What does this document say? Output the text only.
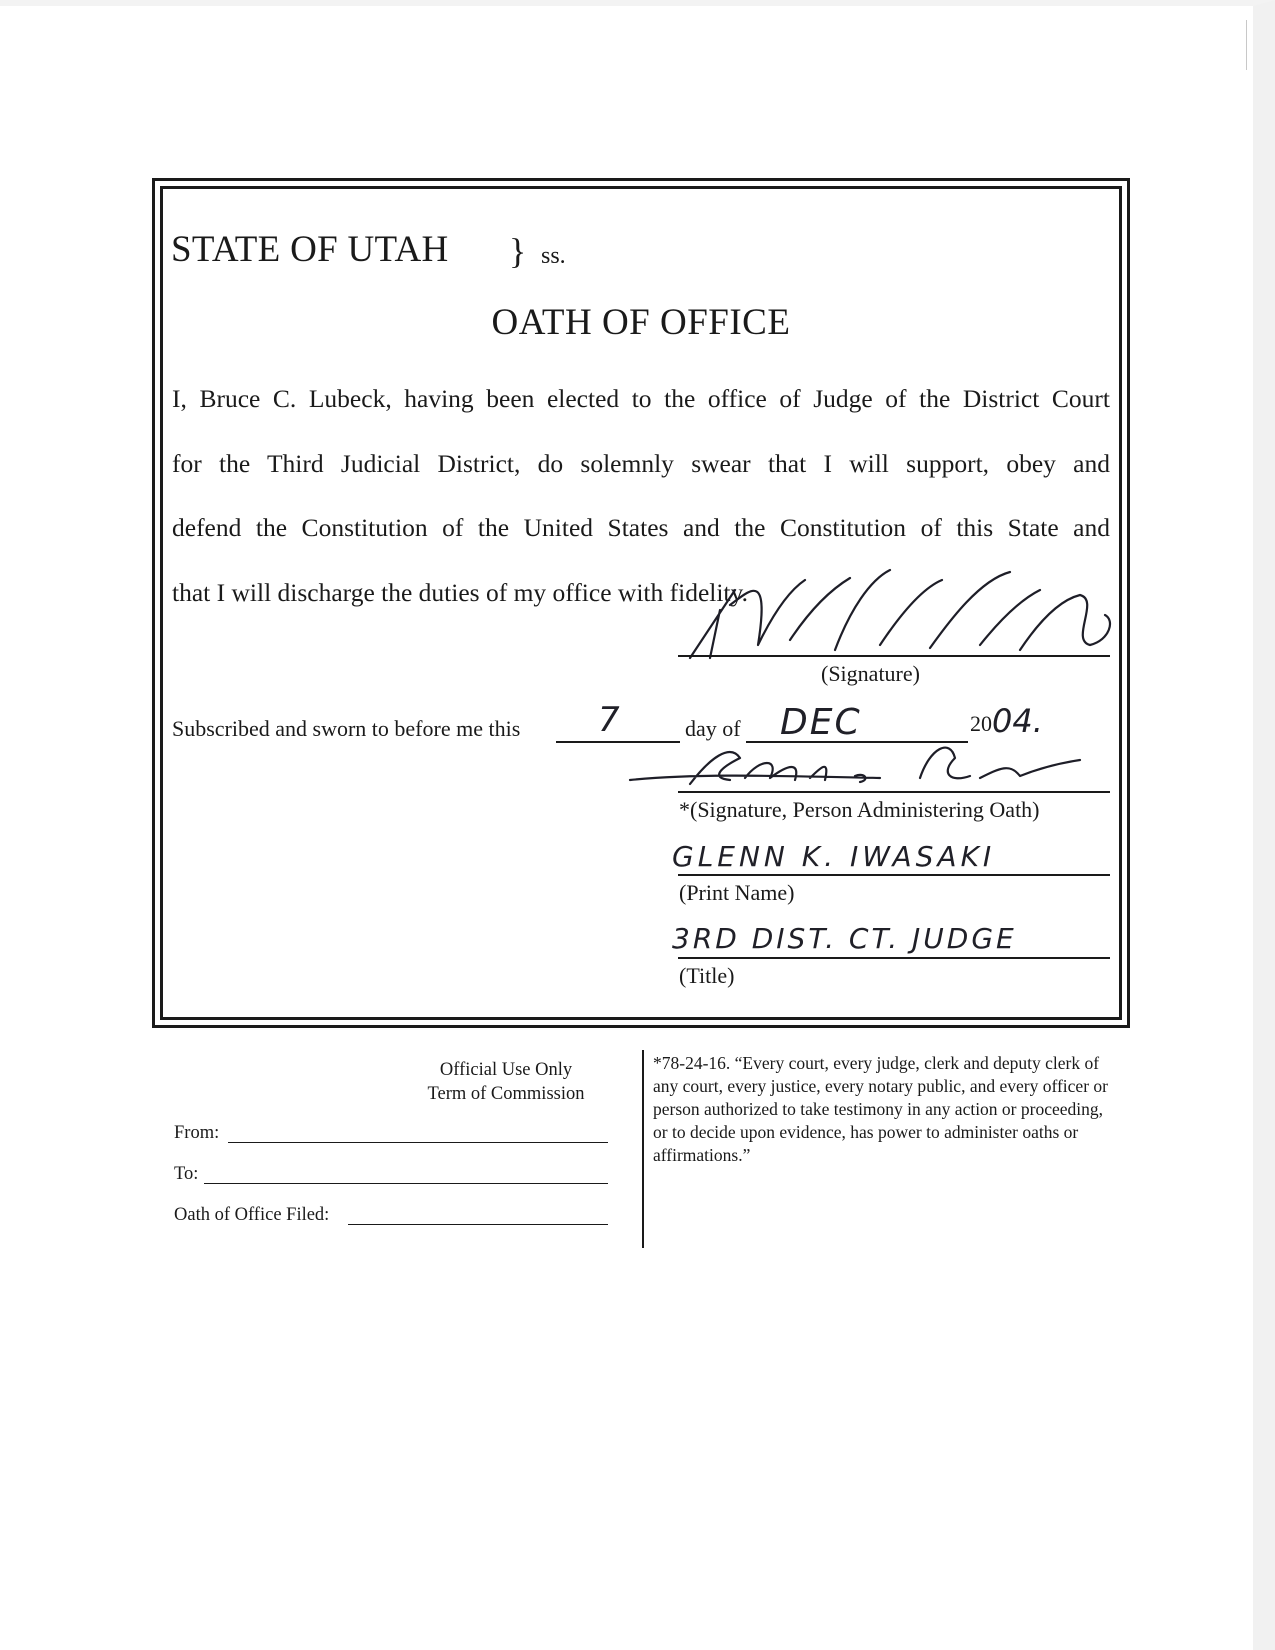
STATE OF UTAH } ss.
OATH OF OFFICE

I, Bruce C. Lubeck, having been elected to the office of Judge of the District Court

for the Third Judicial District, do solemnly swear that I will support, obey and

defend the Constitution of the United States and the Constitution of this State and

that I will discharge the duties of my office with fidelity.

(Signature)
Subscribed and sworn to before me this 7	day of DEC	20 04.
*(Signature, Person Administering Oath)
GLENN K. IWASAKI
(Print Name)
3RD DIST. CT. JUDGE
(Title)
Official Use Only
Term of Commission
From:
To:
Oath of Office Filed:
*78-24-16. “Every court, every judge, clerk and deputy clerk of any court, every justice, every notary public, and every officer or person authorized to take testimony in any action or proceeding, or to decide upon evidence, has power to administer oaths or affirmations.”
